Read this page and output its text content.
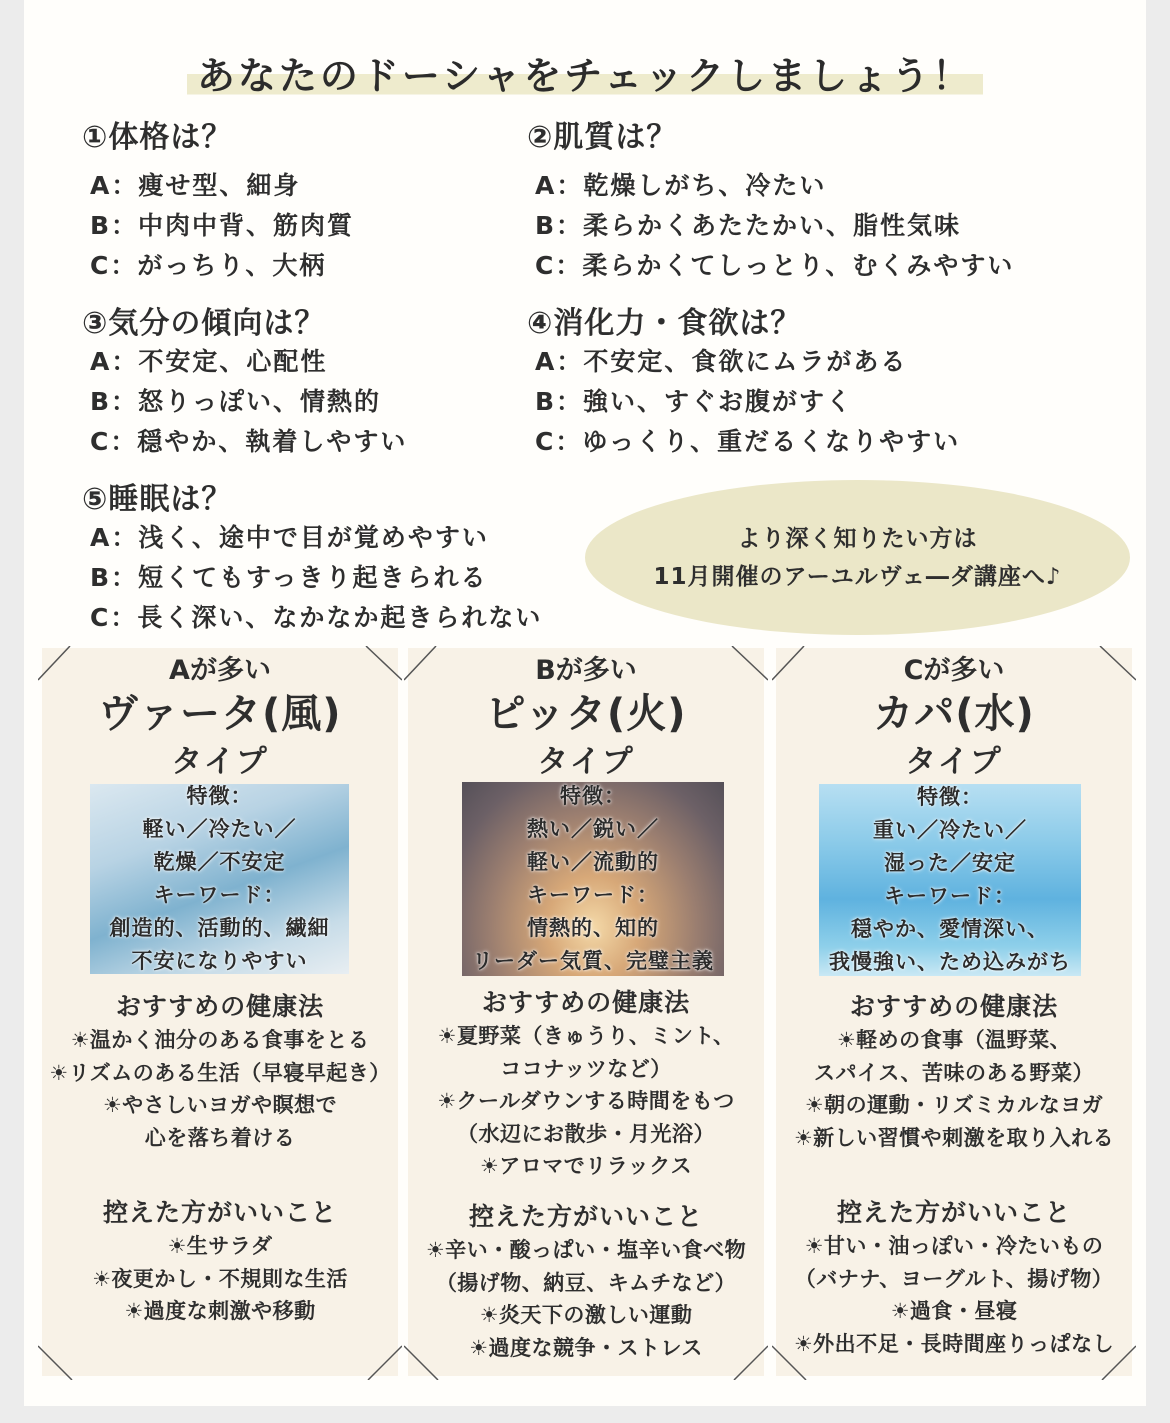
あなたのドーシャをチェックしましょう！
①体格は？

A：痩せ型、細身

B：中肉中背、筋肉質

C：がっちり、大柄

②肌質は？

A：乾燥しがち、冷たい

B：柔らかくあたたかい、脂性気味

C：柔らかくてしっとり、むくみやすい

③気分の傾向は？

A：不安定、心配性

B：怒りっぽい、情熱的

C：穏やか、執着しやすい

④消化力・食欲は？

A：不安定、食欲にムラがある

B：強い、すぐお腹がすく

C：ゆっくり、重だるくなりやすい

⑤睡眠は？

A：浅く、途中で目が覚めやすい

B：短くてもすっきり起きられる

C：長く深い、なかなか起きられない

より深く知りたい方は
11月開催のアーユルヴェ―ダ講座へ♪
Aが多い
ヴァータ(風)
タイプ
特徴：
軽い／冷たい／
乾燥／不安定
キーワード：
創造的、活動的、繊細
不安になりやすい
おすすめの健康法
☀温かく油分のある食事をとる
☀リズムのある生活（早寝早起き）
☀やさしいヨガや瞑想で
心を落ち着ける
控えた方がいいこと
☀生サラダ
☀夜更かし・不規則な生活
☀過度な刺激や移動
Bが多い
ピッタ(火)
タイプ
特徴：
熱い／鋭い／
軽い／流動的
キーワード：
情熱的、知的
リーダー気質、完璧主義
おすすめの健康法
☀夏野菜（きゅうり、ミント、
ココナッツなど）
☀クールダウンする時間をもつ
（水辺にお散歩・月光浴）
☀アロマでリラックス
控えた方がいいこと
☀辛い・酸っぱい・塩辛い食べ物
（揚げ物、納豆、キムチなど）
☀炎天下の激しい運動
☀過度な競争・ストレス
Cが多い
カパ(水)
タイプ
特徴：
重い／冷たい／
湿った／安定
キーワード：
穏やか、愛情深い、
我慢強い、ため込みがち
おすすめの健康法
☀軽めの食事（温野菜、
スパイス、苦味のある野菜）
☀朝の運動・リズミカルなヨガ
☀新しい習慣や刺激を取り入れる
控えた方がいいこと
☀甘い・油っぽい・冷たいもの
（バナナ、ヨーグルト、揚げ物）
☀過食・昼寝
☀外出不足・長時間座りっぱなし
